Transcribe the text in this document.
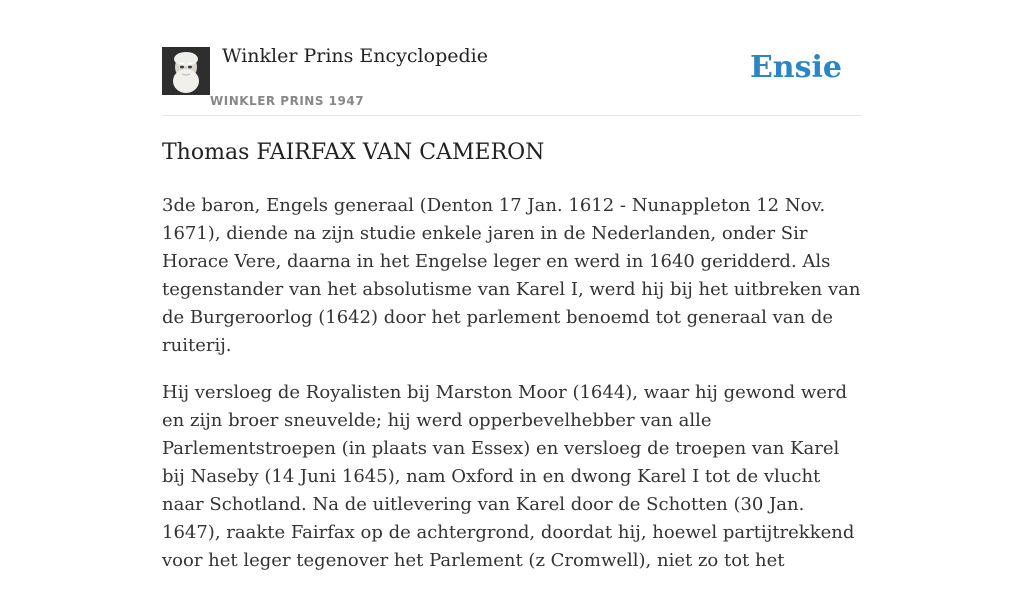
Winkler Prins Encyclopedie
WINKLER PRINS 1947
Ensie
Thomas FAIRFAX VAN CAMERON

3de baron, Engels generaal (Denton 17 Jan. 1612 - Nunappleton 12 Nov. 1671), diende na zijn studie enkele jaren in de Nederlanden, onder Sir Horace Vere, daarna in het Engelse leger en werd in 1640 geridderd. Als tegenstander van het absolutisme van Karel I, werd hij bij het uitbreken van de Burgeroorlog (1642) door het parlement benoemd tot generaal van de ruiterij.

Hij versloeg de Royalisten bij Marston Moor (1644), waar hij gewond werd en zijn broer sneuvelde; hij werd opperbevelhebber van alle Parlementstroepen (in plaats van Essex) en versloeg de troepen van Karel bij Naseby (14 Juni 1645), nam Oxford in en dwong Karel I tot de vlucht naar Schotland. Na de uitlevering van Karel door de Schotten (30 Jan. 1647), raakte Fairfax op de achtergrond, doordat hij, hoewel partijtrekkend voor het leger tegenover het Parlement (z Cromwell), niet zo tot het
